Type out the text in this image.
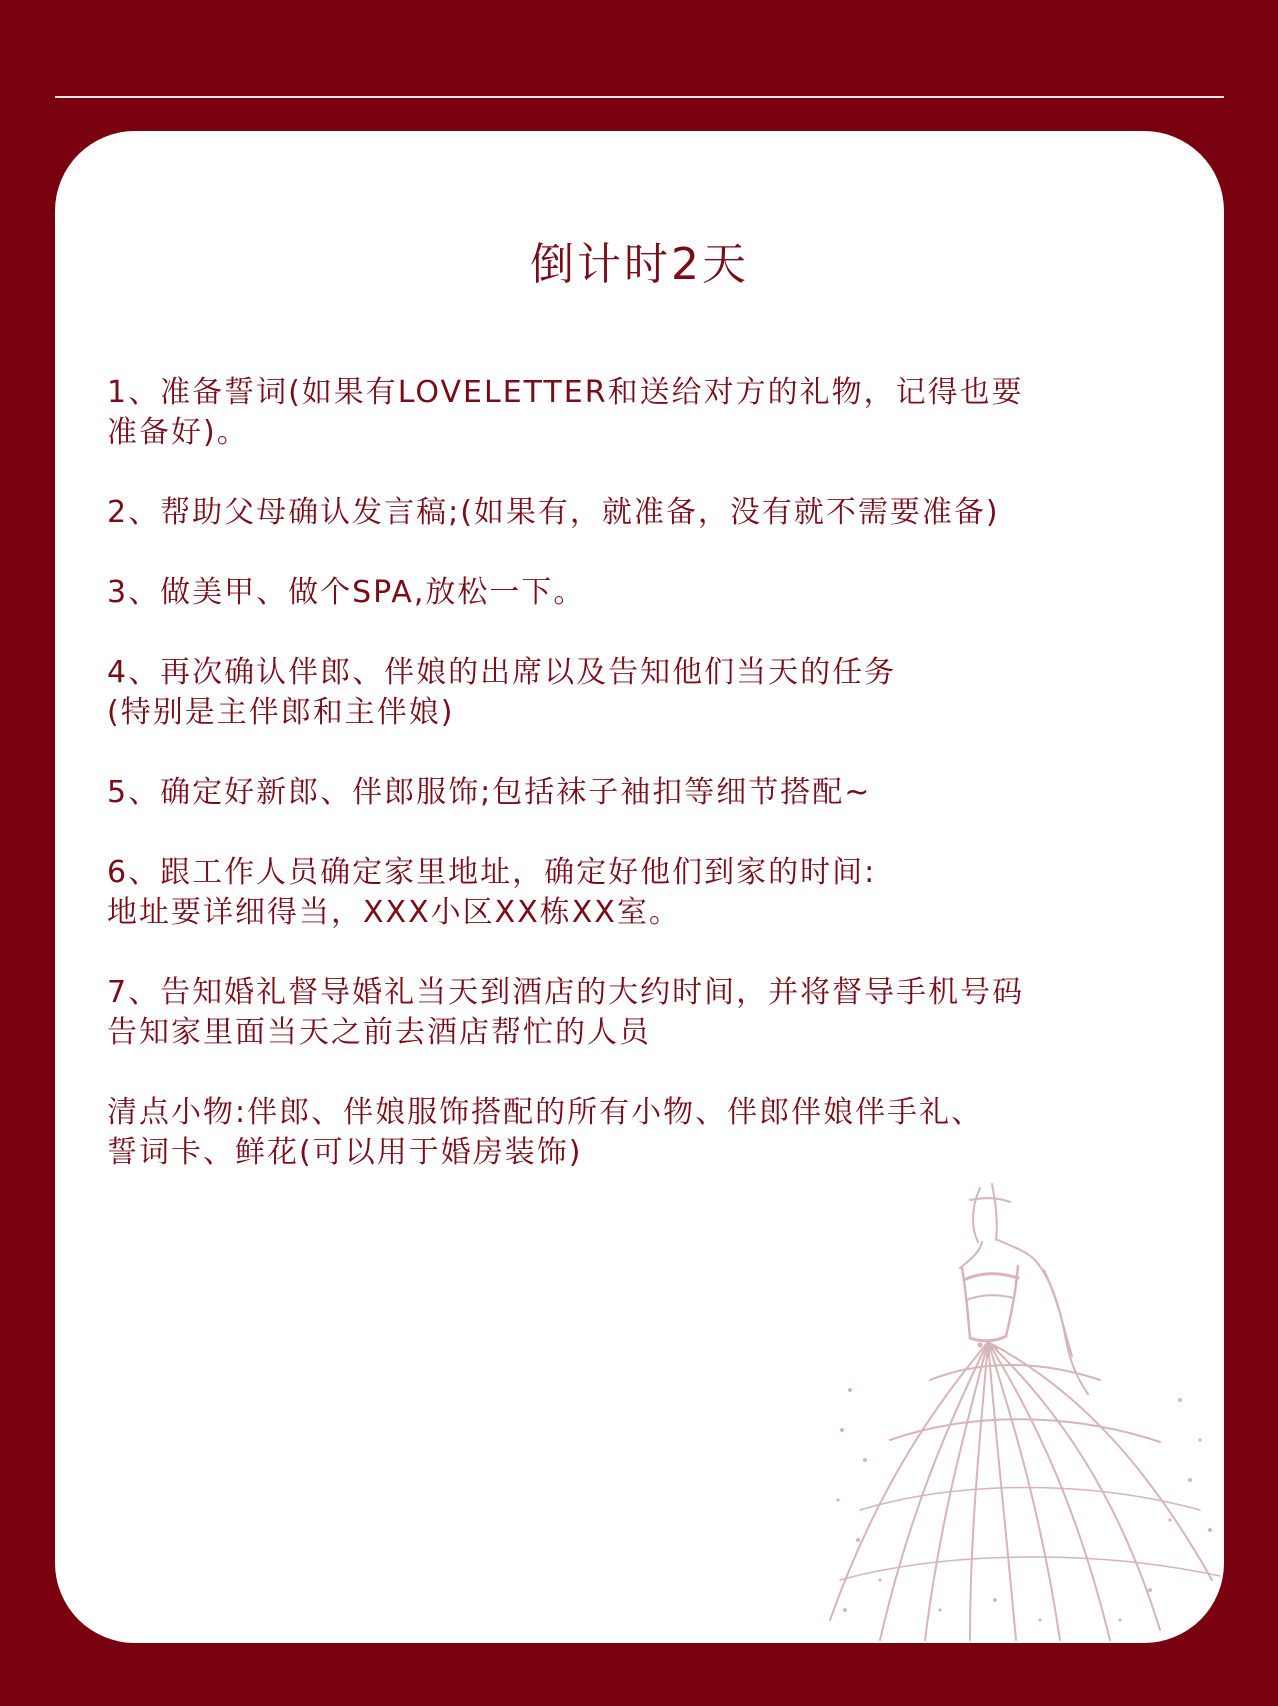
倒计时2天
1、准备誓词(如果有LOVELETTER和送给对方的礼物，记得也要
准备好)。
2、帮助父母确认发言稿;(如果有，就准备，没有就不需要准备)
3、做美甲、做个SPA,放松一下。
4、再次确认伴郎、伴娘的出席以及告知他们当天的任务
(特别是主伴郎和主伴娘)
5、确定好新郎、伴郎服饰;包括袜子袖扣等细节搭配~
6、跟工作人员确定家里地址，确定好他们到家的时间:
地址要详细得当，XXX小区XX栋XX室。
7、告知婚礼督导婚礼当天到酒店的大约时间，并将督导手机号码
告知家里面当天之前去酒店帮忙的人员
清点小物:伴郎、伴娘服饰搭配的所有小物、伴郎伴娘伴手礼、
誓词卡、鲜花(可以用于婚房装饰)
